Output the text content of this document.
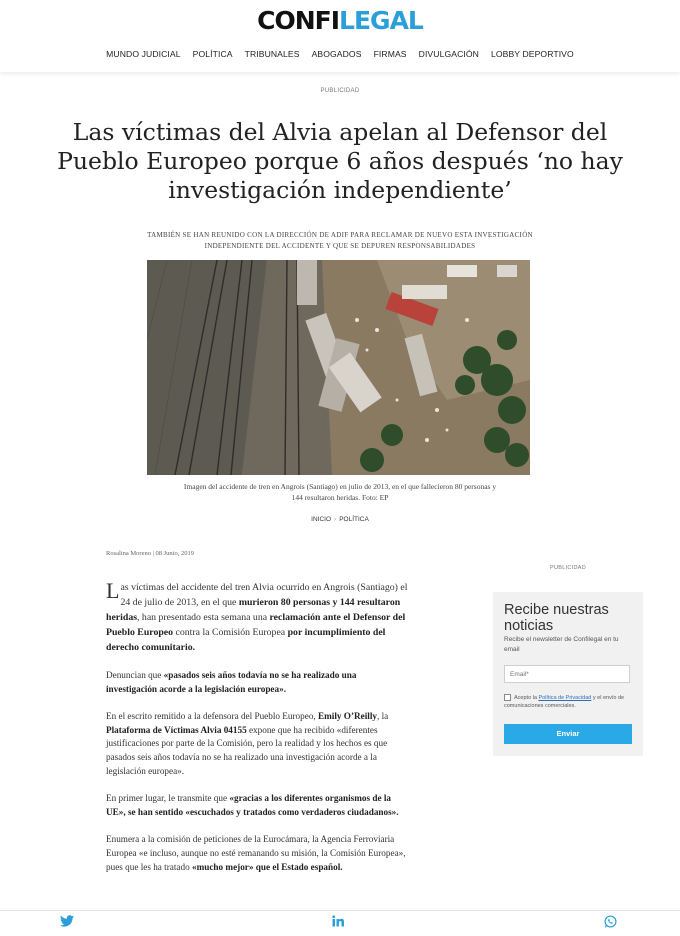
CONFILEGAL
MUNDO JUDICIAL	POLÍTICA	TRIBUNALES	ABOGADOS	FIRMAS	DIVULGACIÓN	LOBBY DEPORTIVO
PUBLICIDAD
Las víctimas del Alvia apelan al Defensor del Pueblo Europeo porque 6 años después ‘no hay investigación independiente’
TAMBIÉN SE HAN REUNIDO CON LA DIRECCIÓN DE ADIF PARA RECLAMAR DE NUEVO ESTA INVESTIGACIÓN INDEPENDIENTE DEL ACCIDENTE Y QUE SE DEPUREN RESPONSABILIDADES
Imagen del accidente de tren en Angrois (Santiago) en julio de 2013, en el que fallecieron 80 personas y 144 resultaron heridas. Foto: EP
INICIO › POLÍTICA
Rosalina Moreno | 08 Junio, 2019

Las víctimas del accidente del tren Alvia ocurrido en Angrois (Santiago) el 24 de julio de 2013, en el que murieron 80 personas y 144 resultaron heridas, han presentado esta semana una reclamación ante el Defensor del Pueblo Europeo contra la Comisión Europea por incumplimiento del derecho comunitario.

Denuncian que «pasados seis años todavía no se ha realizado una investigación acorde a la legislación europea».

En el escrito remitido a la defensora del Pueblo Europeo, Emily O’Reilly, la Plataforma de Víctimas Alvia 04155 expone que ha recibido «diferentes justificaciones por parte de la Comisión, pero la realidad y los hechos es que pasados seis años todavía no se ha realizado una investigación acorde a la legislación europea».

En primer lugar, le transmite que «gracias a los diferentes organismos de la UE», se han sentido «escuchados y tratados como verdaderos ciudadanos».

Enumera a la comisión de peticiones de la Eurocámara, la Agencia Ferroviaria Europea «e incluso, aunque no esté remanando su misión, la Comisión Europea», pues que les ha tratado «mucho mejor» que el Estado español.

PUBLICIDAD
Recibe nuestras noticias
Recibe el newsletter de Confilegal en tu email
Email*
Acepto la Política de Privacidad y el envío de comunicaciones comerciales.
Enviar
